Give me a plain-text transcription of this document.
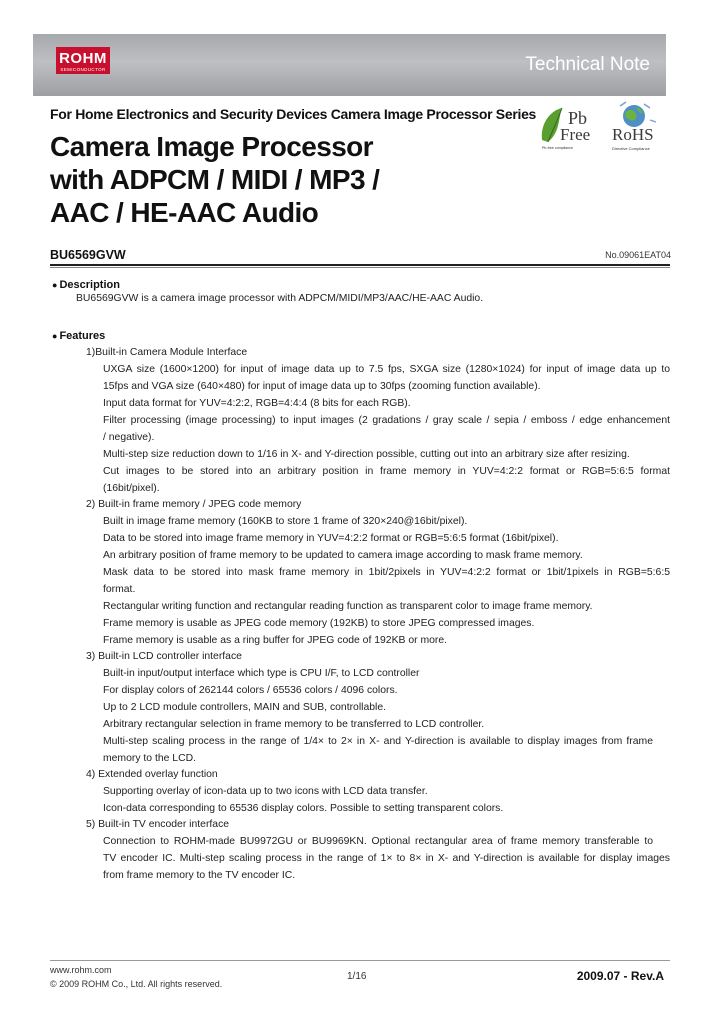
ROHM
SEMICONDUCTOR	Technical Note
For Home Electronics and Security Devices Camera Image Processor Series
Camera Image Processor
with ADPCM / MIDI / MP3 /
AAC / HE-AAC Audio
Pb
Free
Pb-free compliance
RoHS
Directive Compliance
BU6569GVW	No.09061EAT04
● Description
BU6569GVW is a camera image processor with ADPCM/MIDI/MP3/AAC/HE-AAC Audio.
● Features
1)Built-in Camera Module Interface
UXGA size (1600×1200) for input of image data up to 7.5 fps, SXGA size (1280×1024) for input of image data up to
15fps and VGA size (640×480) for input of image data up to 30fps (zooming function available).
Input data format for YUV=4:2:2, RGB=4:4:4 (8 bits for each RGB).
Filter processing (image processing) to input images (2 gradations / gray scale / sepia / emboss / edge enhancement
/ negative).
Multi-step size reduction down to 1/16 in X- and Y-direction possible, cutting out into an arbitrary size after resizing.
Cut images to be stored into an arbitrary position in frame memory in YUV=4:2:2 format or RGB=5:6:5 format
(16bit/pixel).
2) Built-in frame memory / JPEG code memory
Built in image frame memory (160KB to store 1 frame of 320×240@16bit/pixel).
Data to be stored into image frame memory in YUV=4:2:2 format or RGB=5:6:5 format (16bit/pixel).
An arbitrary position of frame memory to be updated to camera image according to mask frame memory.
Mask data to be stored into mask frame memory in 1bit/2pixels in YUV=4:2:2 format or 1bit/1pixels in RGB=5:6:5
format.
Rectangular writing function and rectangular reading function as transparent color to image frame memory.
Frame memory is usable as JPEG code memory (192KB) to store JPEG compressed images.
Frame memory is usable as a ring buffer for JPEG code of 192KB or more.
3) Built-in LCD controller interface
Built-in input/output interface which type is CPU I/F, to LCD controller
For display colors of 262144 colors / 65536 colors / 4096 colors.
Up to 2 LCD module controllers, MAIN and SUB, controllable.
Arbitrary rectangular selection in frame memory to be transferred to LCD controller.
Multi-step scaling process in the range of 1/4× to 2× in X- and Y-direction is available to display images from frame
memory to the LCD.
4) Extended overlay function
Supporting overlay of icon-data up to two icons with LCD data transfer.
Icon-data corresponding to 65536 display colors. Possible to setting transparent colors.
5) Built-in TV encoder interface
Connection to ROHM-made BU9972GU or BU9969KN. Optional rectangular area of frame memory transferable to
TV encoder IC. Multi-step scaling process in the range of 1× to 8× in X- and Y-direction is available for display images
from frame memory to the TV encoder IC.
www.rohm.com
© 2009 ROHM Co., Ltd. All rights reserved.
1/16	2009.07 - Rev.A
